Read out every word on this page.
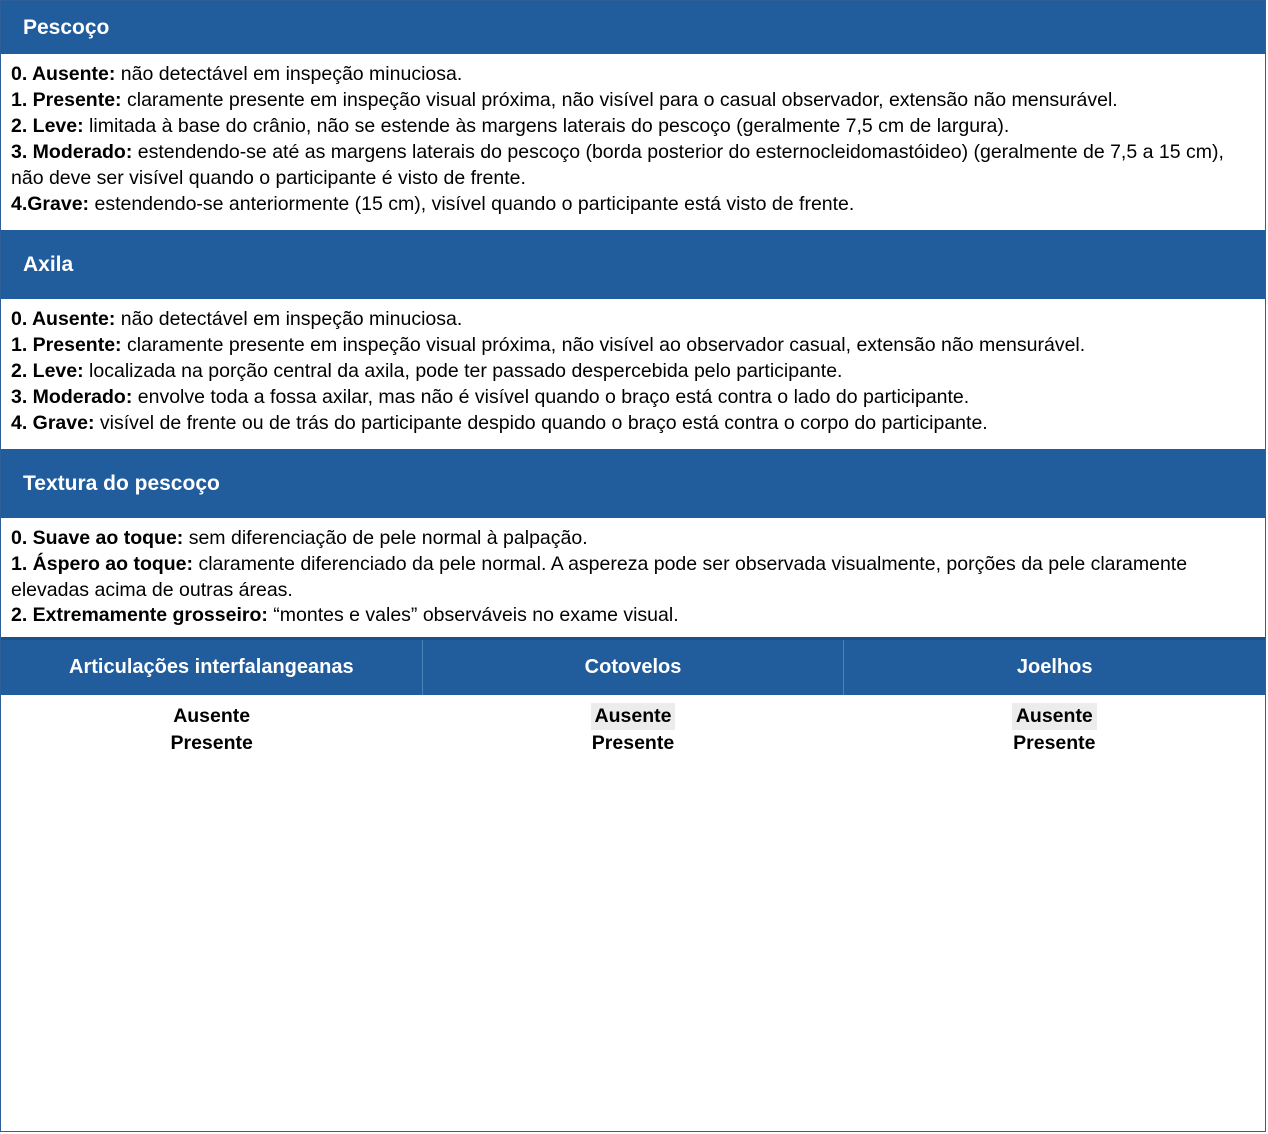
Pescoço

0. Ausente: não detectável em inspeção minuciosa.

1. Presente: claramente presente em inspeção visual próxima, não visível para o casual observador, extensão não mensurável.

2. Leve: limitada à base do crânio, não se estende às margens laterais do pescoço (geralmente 7,5 cm de largura).

3. Moderado: estendendo-se até as margens laterais do pescoço (borda posterior do esternocleidomastóideo) (geralmente de 7,5 a 15 cm), não deve ser visível quando o participante é visto de frente.

4.Grave: estendendo-se anteriormente (15 cm), visível quando o participante está visto de frente.

Axila

0. Ausente: não detectável em inspeção minuciosa.

1. Presente: claramente presente em inspeção visual próxima, não visível ao observador casual, extensão não mensurável.

2. Leve: localizada na porção central da axila, pode ter passado despercebida pelo participante.

3. Moderado: envolve toda a fossa axilar, mas não é visível quando o braço está contra o lado do participante.

4. Grave: visível de frente ou de trás do participante despido quando o braço está contra o corpo do participante.

Textura do pescoço

0. Suave ao toque: sem diferenciação de pele normal à palpação.

1. Áspero ao toque: claramente diferenciado da pele normal. A aspereza pode ser observada visualmente, porções da pele claramente elevadas acima de outras áreas.

2. Extremamente grosseiro: “montes e vales” observáveis no exame visual.

Articulações interfalangeanas	Cotovelos	Joelhos
Ausente
Presente
Ausente
Presente
Ausente
Presente
